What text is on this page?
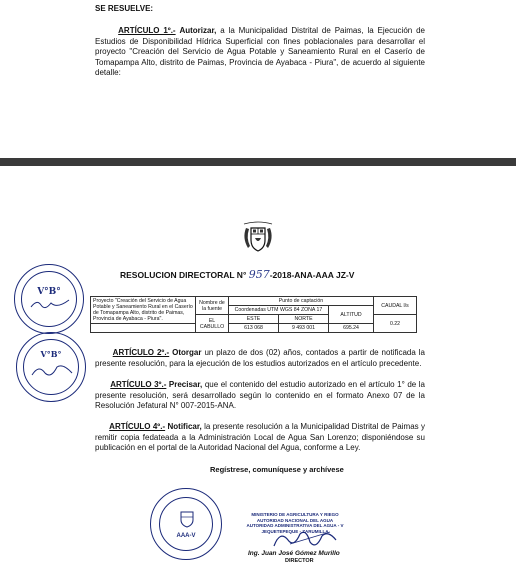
SE RESUELVE:
ARTÍCULO 1º.- Autorizar, a la Municipalidad Distrital de Paimas, la Ejecución de Estudios de Disponibilidad Hídrica Superficial con fines poblacionales para desarrollar el proyecto "Creación del Servicio de Agua Potable y Saneamiento Rural en el Caserío de Tomapampa Alto, distrito de Paimas, Provincia de Ayabaca - Piura", de acuerdo al siguiente detalle:
RESOLUCION DIRECTORAL N° 957-2018-ANA-AAA JZ-V
Proyecto "Creación del Servicio de Agua Potable y Saneamiento Rural en el Caserío de Tomapampa Alto, distrito de Paimas, Provincia de Ayabaca - Piura".	Nombre de la fuente	Punto de captación			CAUDAL l/s
		Coordenadas UTM WGS 84 ZONA 17		ALTITUD	
	EL CABULLO	ESTE	NORTE		0.22
		613 068	9 493 001	695.24	
ARTÍCULO 2º.- Otorgar un plazo de dos (02) años, contados a partir de notificada la presente resolución, para la ejecución de los estudios autorizados en el artículo precedente.
ARTÍCULO 3º.- Precisar, que el contenido del estudio autorizado en el artículo 1° de la presente resolución, será desarrollado según lo contenido en el formato Anexo 07 de la Resolución Jefatural N° 007-2015-ANA.
ARTÍCULO 4º.- Notificar, la presente resolución a la Municipalidad Distrital de Paimas y remitir copia fedateada a la Administración Local de Agua San Lorenzo; disponiéndose su publicación en el portal de la Autoridad Nacional del Agua, conforme a Ley.
Regístrese, comuníquese y archívese
V°B°
V°B°
AAA-V
MINISTERIO DE AGRICULTURA Y RIEGO
AUTORIDAD NACIONAL DEL AGUA
AUTORIDAD ADMINISTRATIVA DEL AGUA - V
JEQUETEPEQUE - ZARUMILLA
Ing. Juan José Gómez Murillo
DIRECTOR
